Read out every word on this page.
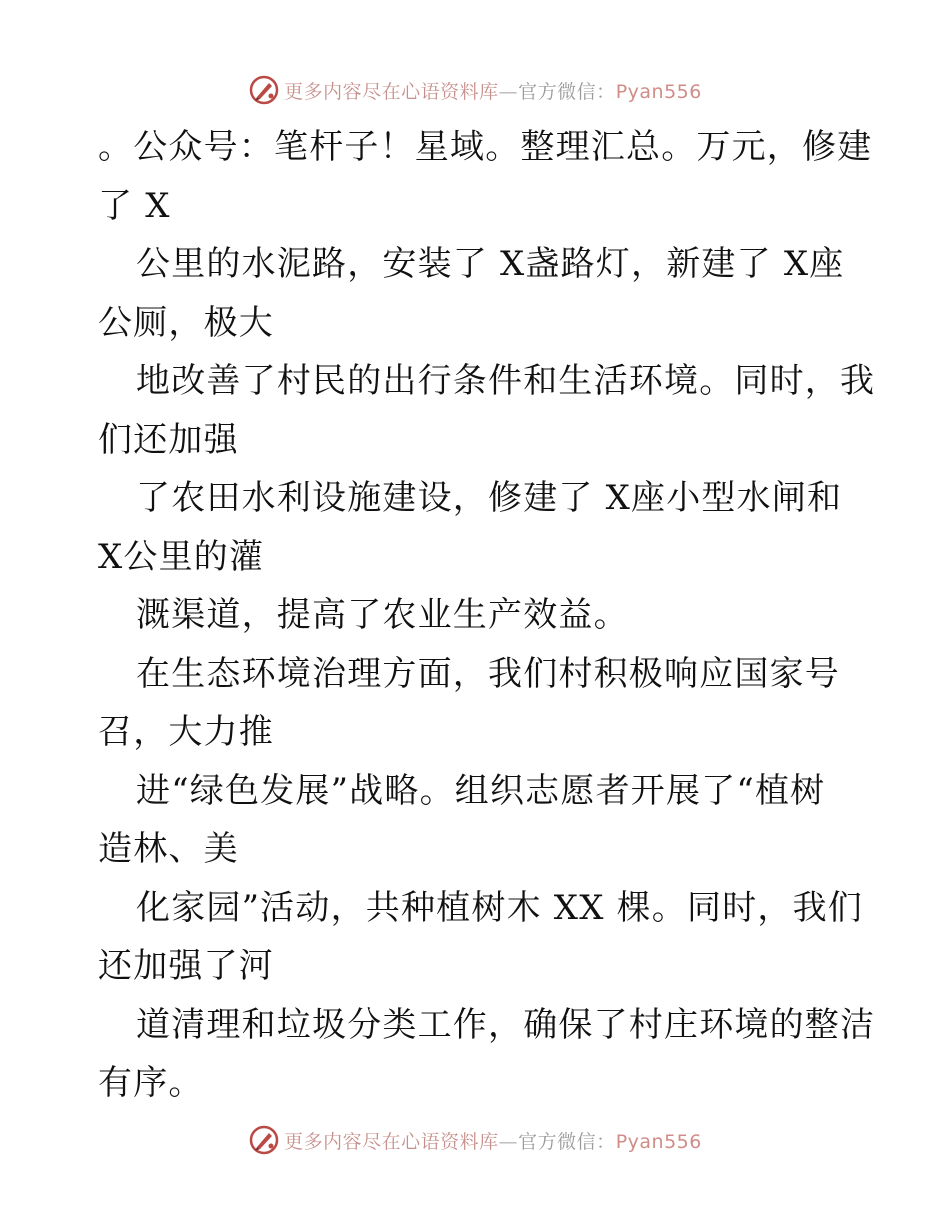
更多内容尽在心语资料库—官方微信：Pyan556
。公众号：笔杆子！星域。整理汇总。万元，修建
了 X
公里的水泥路，安装了 X盏路灯，新建了 X座
公厕，极大
地改善了村民的出行条件和生活环境。同时，我
们还加强
了农田水利设施建设，修建了 X座小型水闸和
X公里的灌
溉渠道，提高了农业生产效益。
在生态环境治理方面，我们村积极响应国家号
召，大力推
进“绿色发展”战略。组织志愿者开展了“植树
造林、美
化家园”活动，共种植树木 XX 棵。同时，我们
还加强了河
道清理和垃圾分类工作，确保了村庄环境的整洁
有序。
更多内容尽在心语资料库—官方微信：Pyan556
